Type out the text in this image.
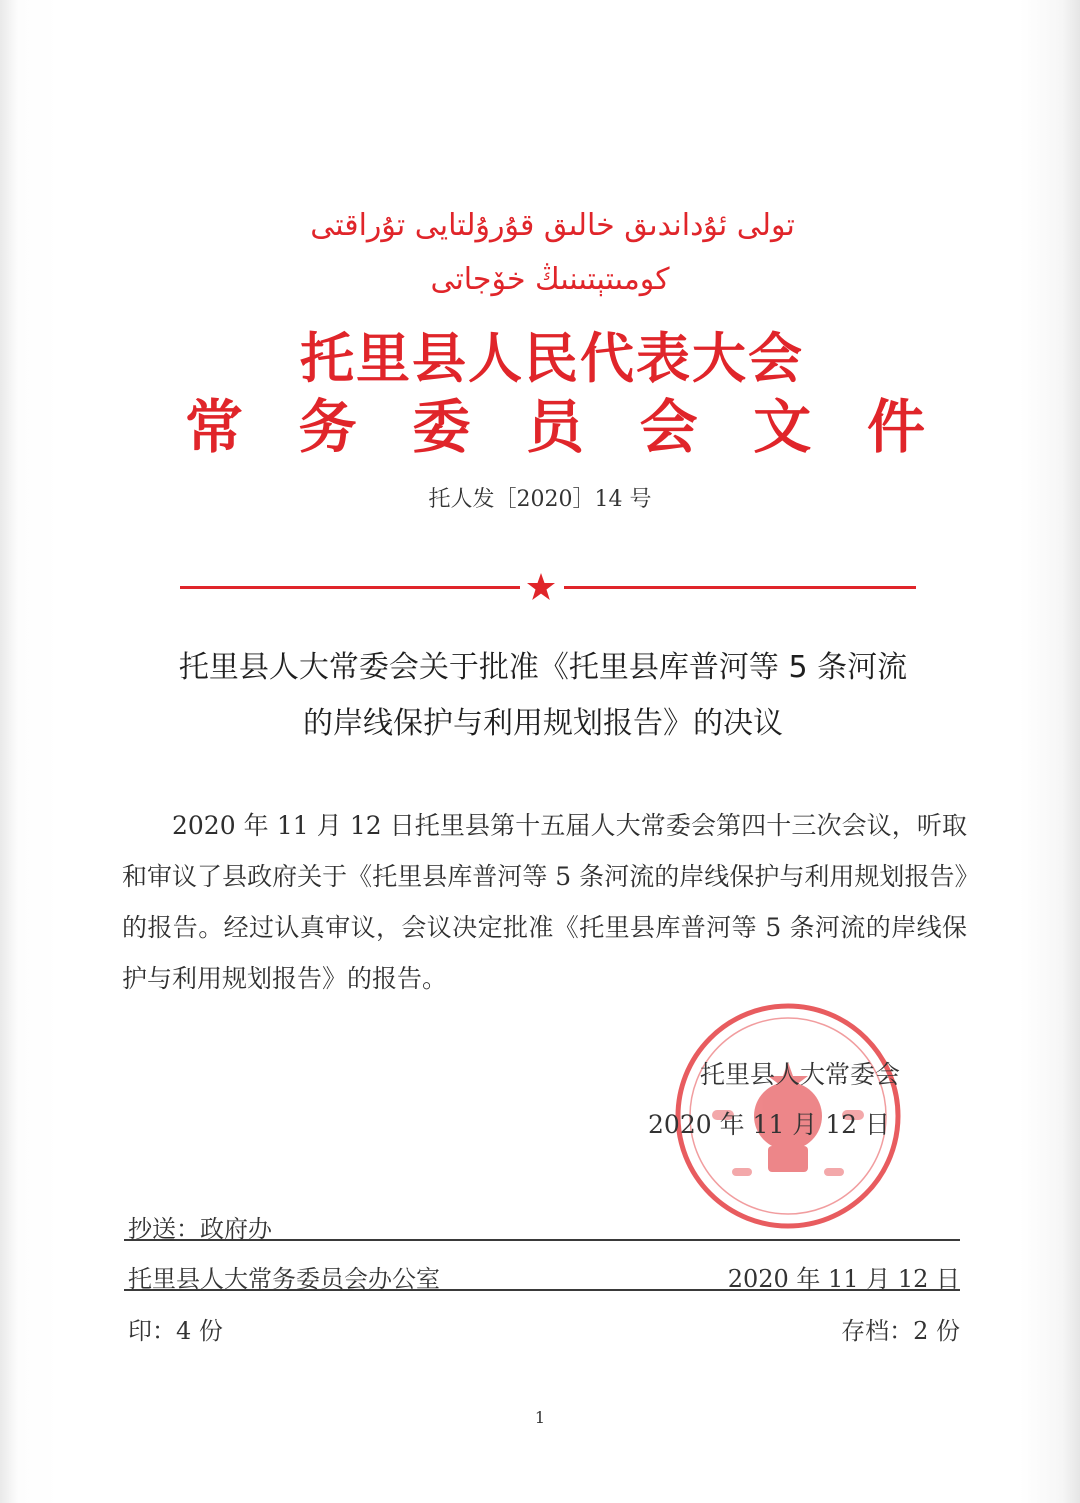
تولى ئۇداندىق خالىق قۇرۇلتايى تۇراقتى
كومىتېتىنىڭ خۆجاتى
托里县人民代表大会
常 务 委 员 会 文 件
托人发［2020］14 号
托里县人大常委会关于批准《托里县库普河等 5 条河流
的岸线保护与利用规划报告》的决议
2020 年 11 月 12 日托里县第十五届人大常委会第四十三次会议，听取和审议了县政府关于《托里县库普河等 5 条河流的岸线保护与利用规划报告》的报告。经过认真审议，会议决定批准《托里县库普河等 5 条河流的岸线保护与利用规划报告》的报告。
托里县人大常委会
2020 年 11 月 12 日
抄送：政府办
托里县人大常务委员会办公室	2020 年 11 月 12 日
印：4 份	存档：2 份
1
